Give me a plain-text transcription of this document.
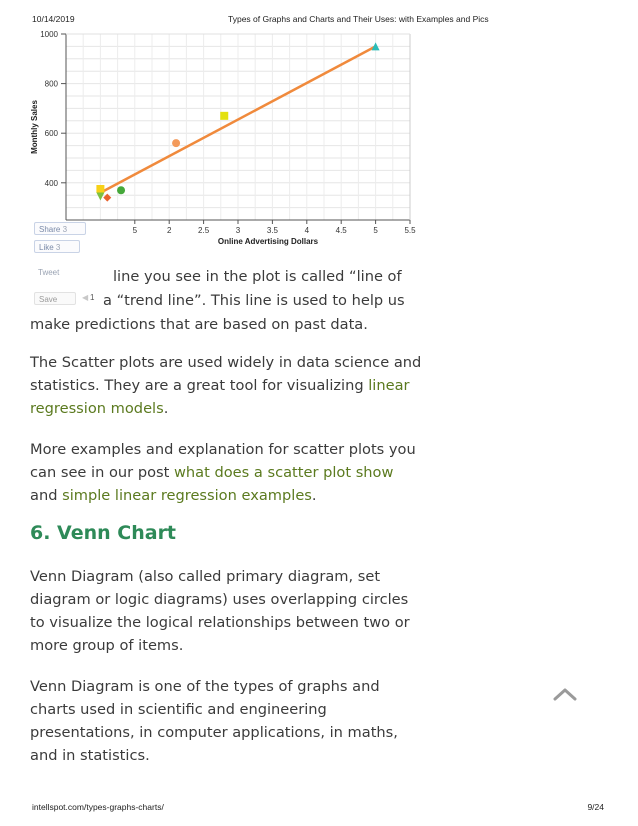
10/14/2019	Types of Graphs and Charts and Their Uses: with Examples and Pics
400
600
800
1000
5	2	2.5	3	3.5	4	4.5	5	5.5
Monthly Sales
Online Advertising Dollars
Share 3
Like 3
Tweet
Save	◀ 1

line you see in the plot is called “line of

a “trend line”. This line is used to help us

make predictions that are based on past data.

The Scatter plots are used widely in data science and statistics. They are a great tool for visualizing linear regression models.

More examples and explanation for scatter plots you can see in our post what does a scatter plot show and simple linear regression examples.

6. Venn Chart

Venn Diagram (also called primary diagram, set diagram or logic diagrams) uses overlapping circles to visualize the logical relationships between two or more group of items.

Venn Diagram is one of the types of graphs and charts used in scientific and engineering presentations, in computer applications, in maths, and in statistics.

intellspot.com/types-graphs-charts/	9/24
